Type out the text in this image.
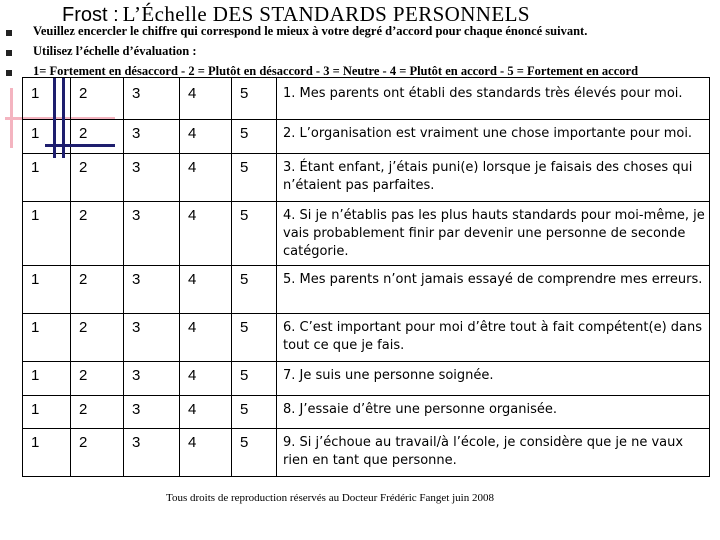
Frost : L’Échelle DES STANDARDS PERSONNELS
Veuillez encercler le chiffre qui correspond le mieux à votre degré d’accord pour chaque énoncé suivant.
Utilisez l’échelle d’évaluation :
1= Fortement en désaccord - 2 = Plutôt en désaccord - 3 = Neutre - 4 = Plutôt en accord - 5 = Fortement en accord
1	2	3	4	5	1. Mes parents ont établi des standards très élevés pour moi.
1	2	3	4	5	2. L’organisation est vraiment une chose importante pour moi.
1	2	3	4	5	3. Étant enfant, j’étais puni(e) lorsque je faisais des choses qui n’étaient pas parfaites.
1	2	3	4	5	4. Si je n’établis pas les plus hauts standards pour moi-même, je vais probablement finir par devenir une personne de seconde catégorie.
1	2	3	4	5	5. Mes parents n’ont jamais essayé de comprendre mes erreurs.
1	2	3	4	5	6. C’est important pour moi d’être tout à fait compétent(e) dans tout ce que je fais.
1	2	3	4	5	7. Je suis une personne soignée.
1	2	3	4	5	8. J’essaie d’être une personne organisée.
1	2	3	4	5	9. Si j’échoue au travail/à l’école, je considère que je ne vaux rien en tant que personne.
Tous droits de reproduction réservés au Docteur Frédéric Fanget juin 2008
